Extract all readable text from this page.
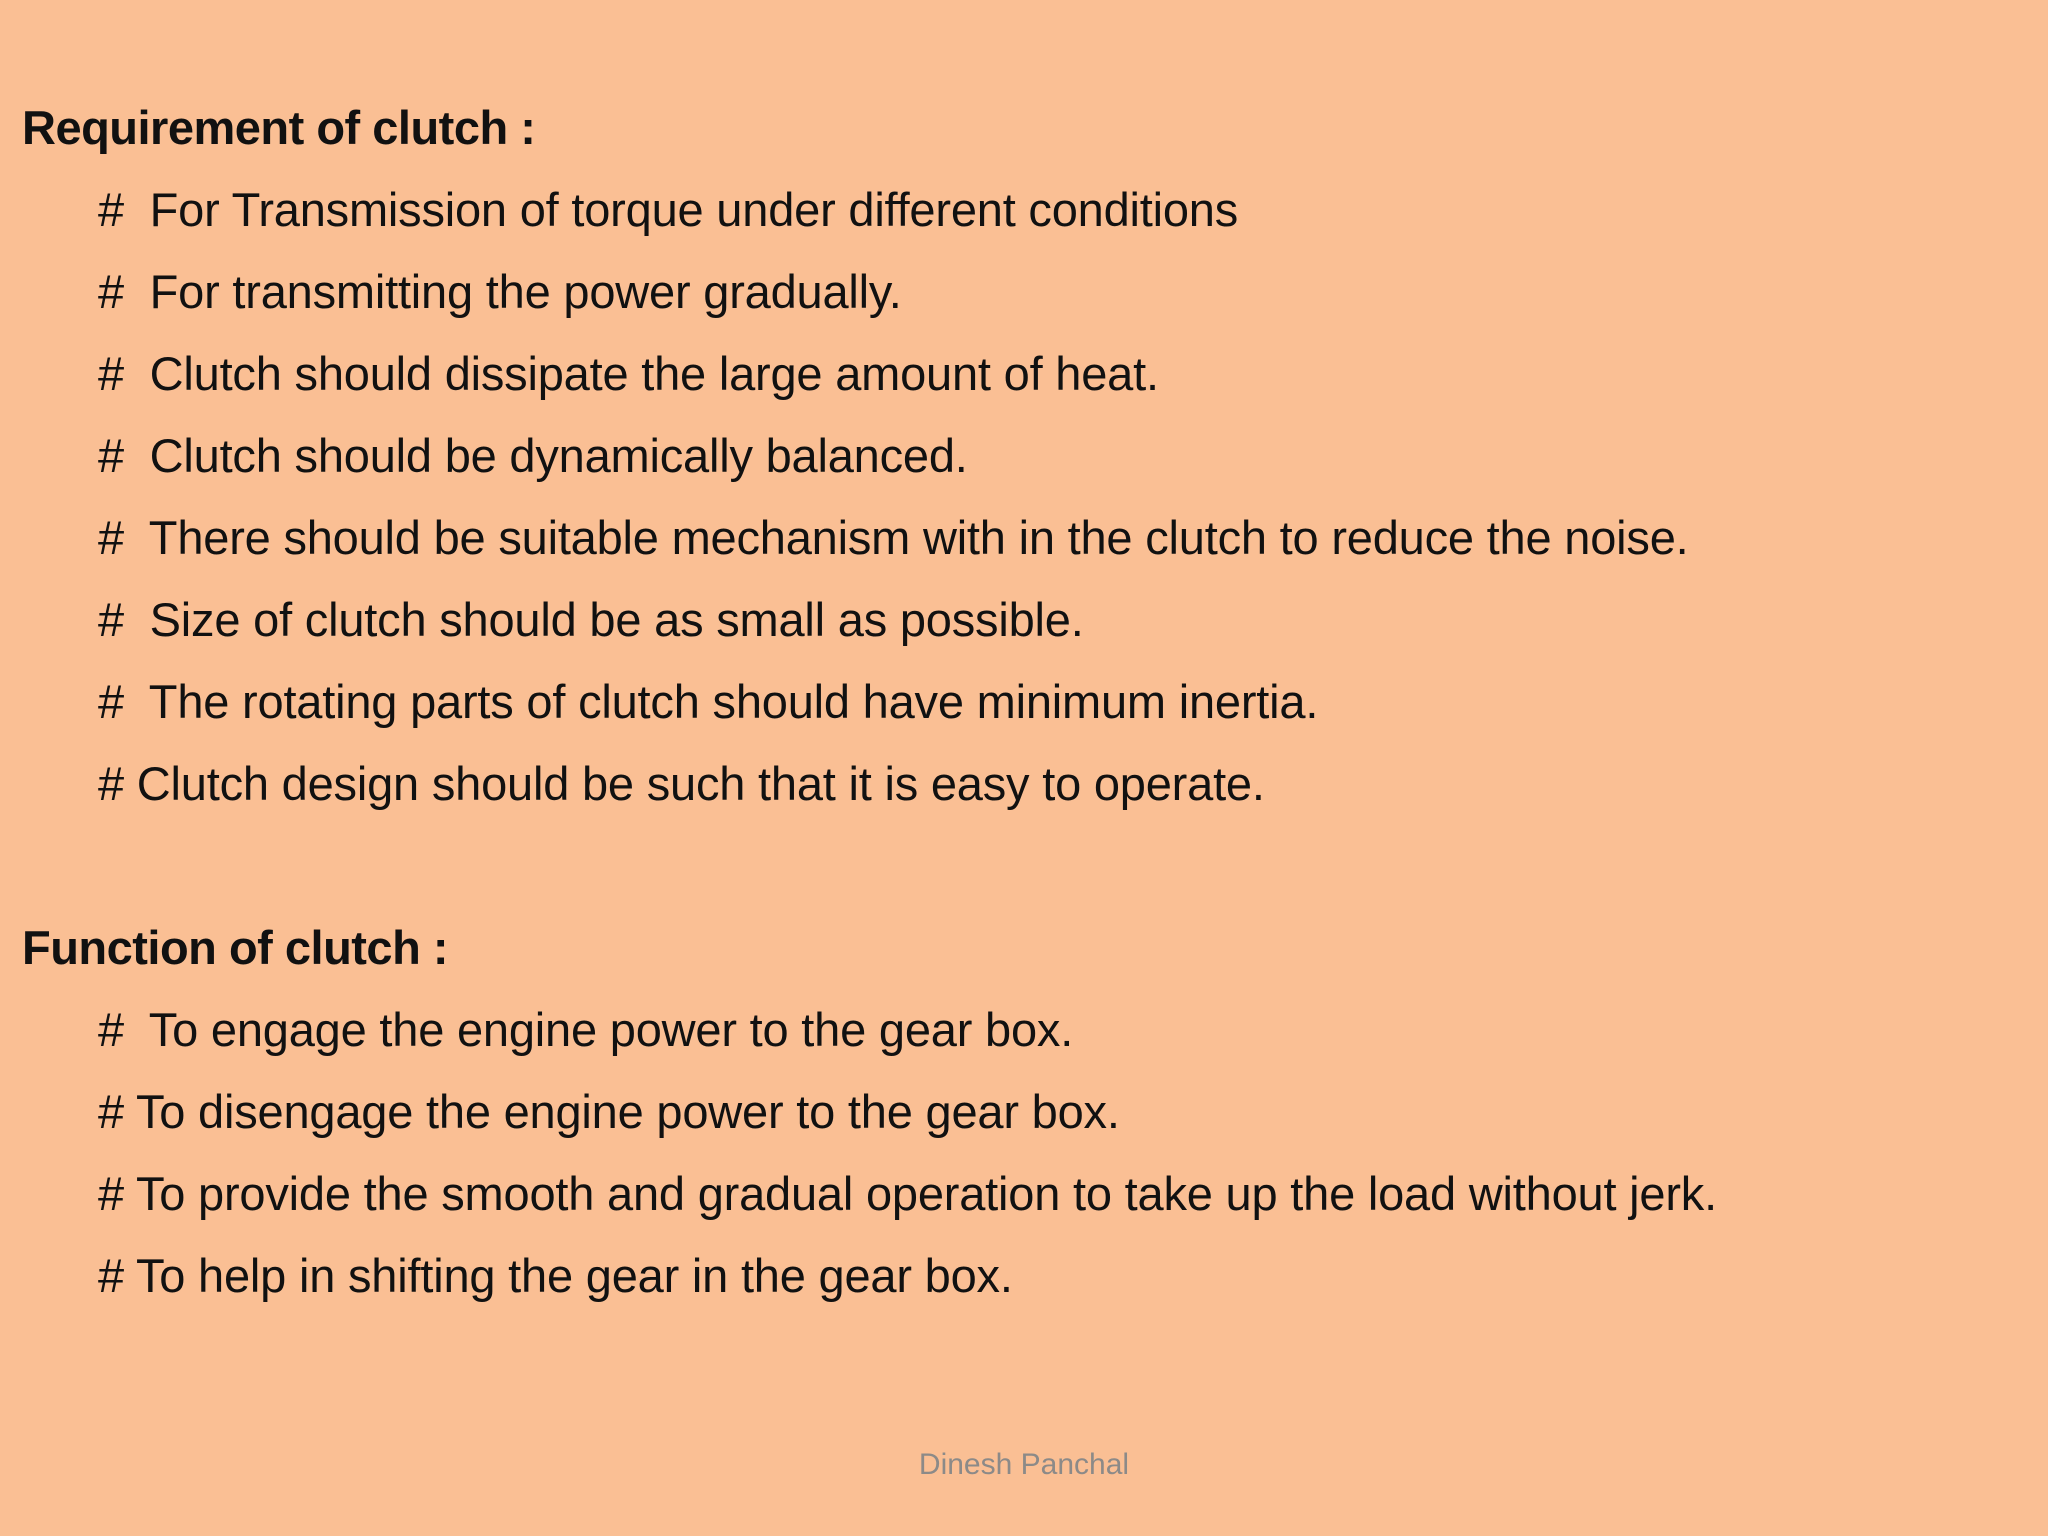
Requirement of clutch :
#  For Transmission of torque under different conditions
#  For transmitting the power gradually.
#  Clutch should dissipate the large amount of heat.
#  Clutch should be dynamically balanced.
#  There should be suitable mechanism with in the clutch to reduce the noise.
#  Size of clutch should be as small as possible.
#  The rotating parts of clutch should have minimum inertia.
# Clutch design should be such that it is easy to operate.
Function of clutch :
#  To engage the engine power to the gear box.
# To disengage the engine power to the gear box.
# To provide the smooth and gradual operation to take up the load without jerk.
# To help in shifting the gear in the gear box.
Dinesh Panchal
